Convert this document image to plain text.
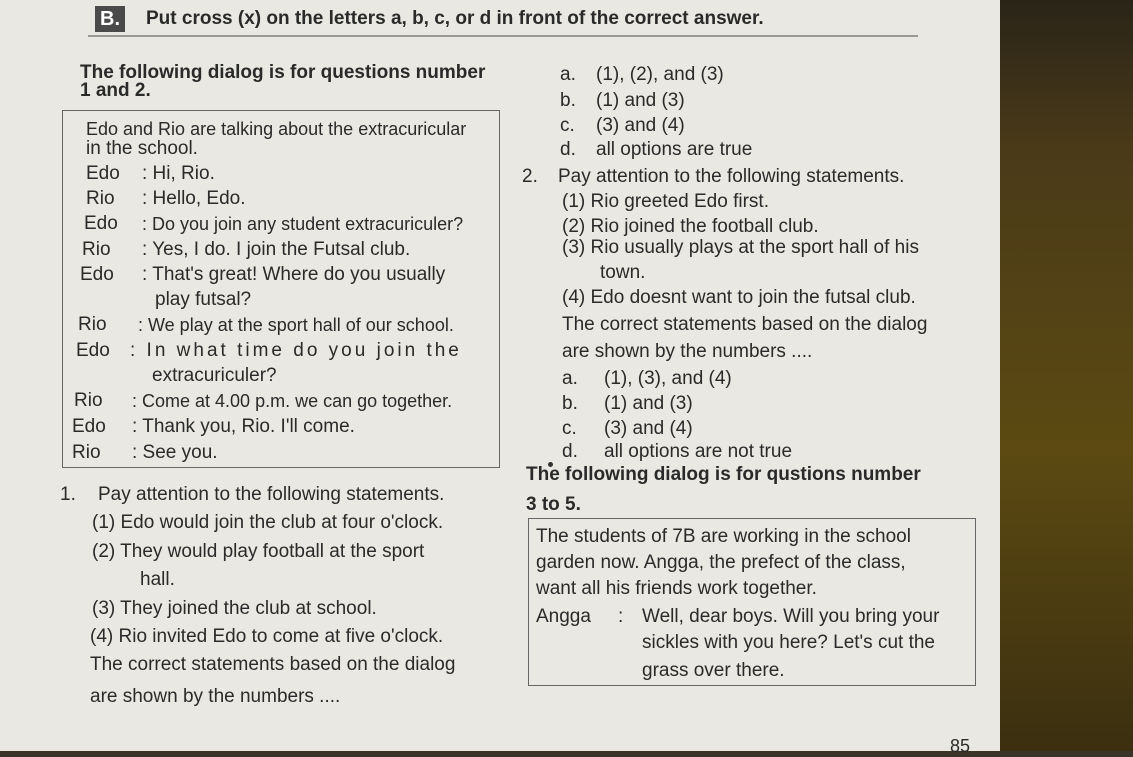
B. Put cross (x) on the letters a, b, c, or d in front of the correct answer.
The following dialog is for questions number
1 and 2.
Edo and Rio are talking about the extracuricular
in the school.
Edo : Hi, Rio.
Rio : Hello, Edo.
Edo : Do you join any student extracuriculer?
Rio : Yes, I do. I join the Futsal club.
Edo : That's great! Where do you usually
play futsal?
Rio : We play at the sport hall of our school.
Edo : In what time do you join the
extracuriculer?
Rio : Come at 4.00 p.m. we can go together.
Edo : Thank you, Rio. I'll come.
Rio : See you.
1. Pay attention to the following statements.
(1) Edo would join the club at four o'clock.
(2) They would play football at the sport
hall.
(3) They joined the club at school.
(4) Rio invited Edo to come at five o'clock.
The correct statements based on the dialog
are shown by the numbers ....
a. (1), (2), and (3)
b. (1) and (3)
c. (3) and (4)
d. all options are true
2. Pay attention to the following statements.
(1) Rio greeted Edo first.
(2) Rio joined the football club.
(3) Rio usually plays at the sport hall of his
town.
(4) Edo doesnt want to join the futsal club.
The correct statements based on the dialog
are shown by the numbers ....
a. (1), (3), and (4)
b. (1) and (3)
c. (3) and (4)
d. all options are not true
The following dialog is for qustions number
3 to 5.
The students of 7B are working in the school
garden now. Angga, the prefect of the class,
want all his friends work together.
Angga : Well, dear boys. Will you bring your
sickles with you here? Let's cut the
grass over there.
85
